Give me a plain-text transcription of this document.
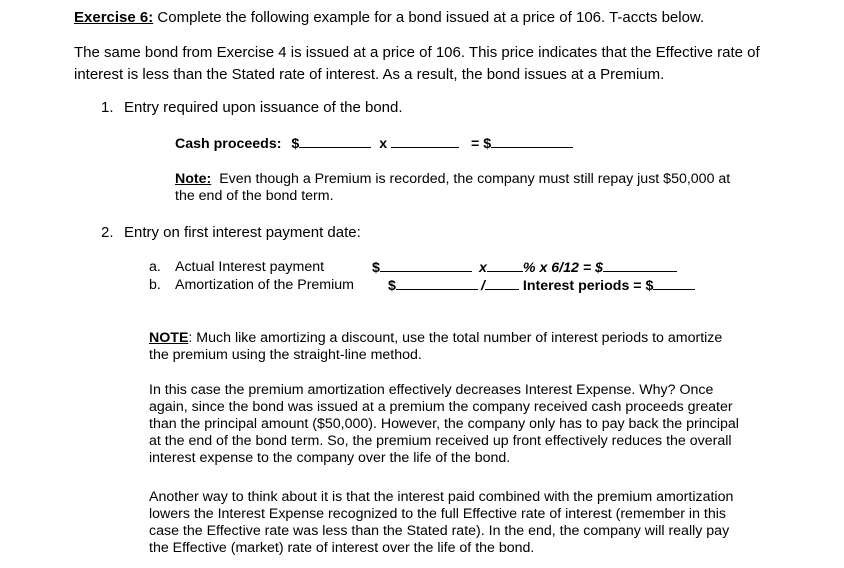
Exercise 6: Complete the following example for a bond issued at a price of 106. T-accts below.
The same bond from Exercise 4 is issued at a price of 106. This price indicates that the Effective rate of
interest is less than the Stated rate of interest. As a result, the bond issues at a Premium.
1. Entry required upon issuance of the bond.
Cash proceeds: $	x	= $
Note: Even though a Premium is recorded, the company must still repay just $50,000 at
the end of the bond term.
2. Entry on first interest payment date:
a. Actual Interest payment	$	x	% x 6/12 = $
b. Amortization of the Premium $	/	Interest periods = $
NOTE: Much like amortizing a discount, use the total number of interest periods to amortize
the premium using the straight-line method.
In this case the premium amortization effectively decreases Interest Expense. Why? Once
again, since the bond was issued at a premium the company received cash proceeds greater
than the principal amount ($50,000). However, the company only has to pay back the principal
at the end of the bond term. So, the premium received up front effectively reduces the overall
interest expense to the company over the life of the bond.
Another way to think about it is that the interest paid combined with the premium amortization
lowers the Interest Expense recognized to the full Effective rate of interest (remember in this
case the Effective rate was less than the Stated rate). In the end, the company will really pay
the Effective (market) rate of interest over the life of the bond.
